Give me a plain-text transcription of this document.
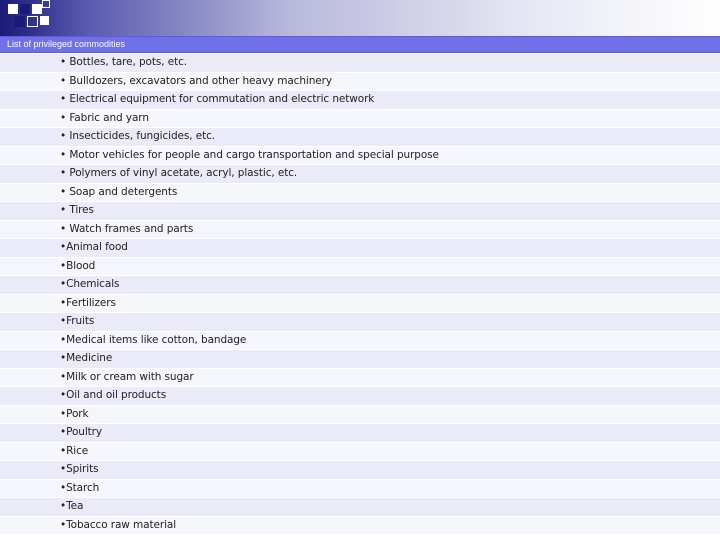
List of privileged commodities
• Bottles, tare, pots, etc.
• Bulldozers, excavators and other heavy machinery
• Electrical equipment for commutation and electric network
• Fabric and yarn
• Insecticides, fungicides, etc.
• Motor vehicles for people and cargo transportation and special purpose
• Polymers of vinyl acetate, acryl, plastic, etc.
• Soap and detergents
• Tires
• Watch frames and parts
•Animal food
•Blood
•Chemicals
•Fertilizers
•Fruits
•Medical items like cotton, bandage
•Medicine
•Milk or cream with sugar
•Oil and oil products
•Pork
•Poultry
•Rice
•Spirits
•Starch
•Tea
•Tobacco raw material
